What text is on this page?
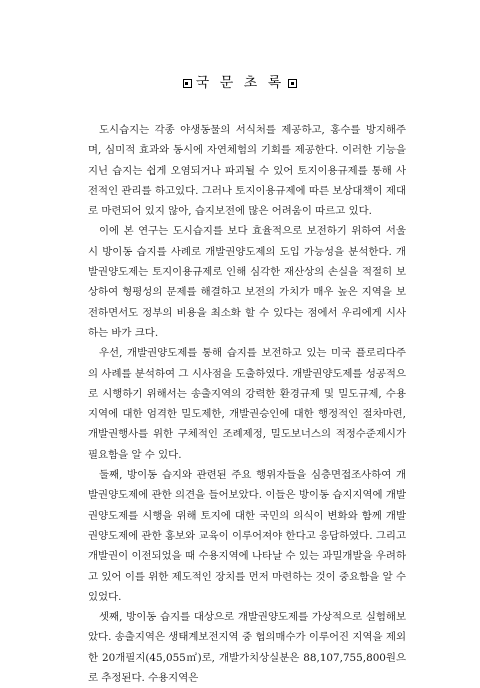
국 문 초 록

도시습지는 각종 야생동물의 서식처를 제공하고, 홍수를 방지해주며, 심미적 효과와 동시에 자연체험의 기회를 제공한다. 이러한 기능을 지닌 습지는 쉽게 오염되거나 파괴될 수 있어 토지이용규제를 통해 사전적인 관리를 하고있다. 그러나 토지이용규제에 따른 보상대책이 제대로 마련되어 있지 않아, 습지보전에 많은 어려움이 따르고 있다.

이에 본 연구는 도시습지를 보다 효율적으로 보전하기 위하여 서울시 방이동 습지를 사례로 개발권양도제의 도입 가능성을 분석한다. 개발권양도제는 토지이용규제로 인해 심각한 재산상의 손실을 적절히 보상하여 형평성의 문제를 해결하고 보전의 가치가 매우 높은 지역을 보전하면서도 정부의 비용을 최소화 할 수 있다는 점에서 우리에게 시사하는 바가 크다.

우선, 개발권양도제를 통해 습지를 보전하고 있는 미국 플로리다주의 사례를 분석하여 그 시사점을 도출하였다. 개발권양도제를 성공적으로 시행하기 위해서는 송출지역의 강력한 환경규제 및 밀도규제, 수용지역에 대한 엄격한 밀도제한, 개발권승인에 대한 행정적인 절차마련, 개발권행사를 위한 구체적인 조례제정, 밀도보너스의 적정수준제시가 필요함을 알 수 있다.

둘째, 방이동 습지와 관련된 주요 행위자들을 심층면접조사하여 개발권양도제에 관한 의견을 들어보았다. 이들은 방이동 습지지역에 개발권양도제를 시행을 위해 토지에 대한 국민의 의식이 변화와 함께 개발권양도제에 관한 홍보와 교육이 이루어져야 한다고 응답하였다. 그리고 개발권이 이전되었을 때 수용지역에 나타날 수 있는 과밀개발을 우려하고 있어 이를 위한 제도적인 장치를 먼저 마련하는 것이 중요함을 알 수 있었다.

셋째, 방이동 습지를 대상으로 개발권양도제를 가상적으로 실험해보았다. 송출지역은 생태계보전지역 중 협의매수가 이루어진 지역을 제외한 20개필지(45,055㎡)로, 개발가치상실분은 88,107,755,800원으로 추정된다. 수용지역은
